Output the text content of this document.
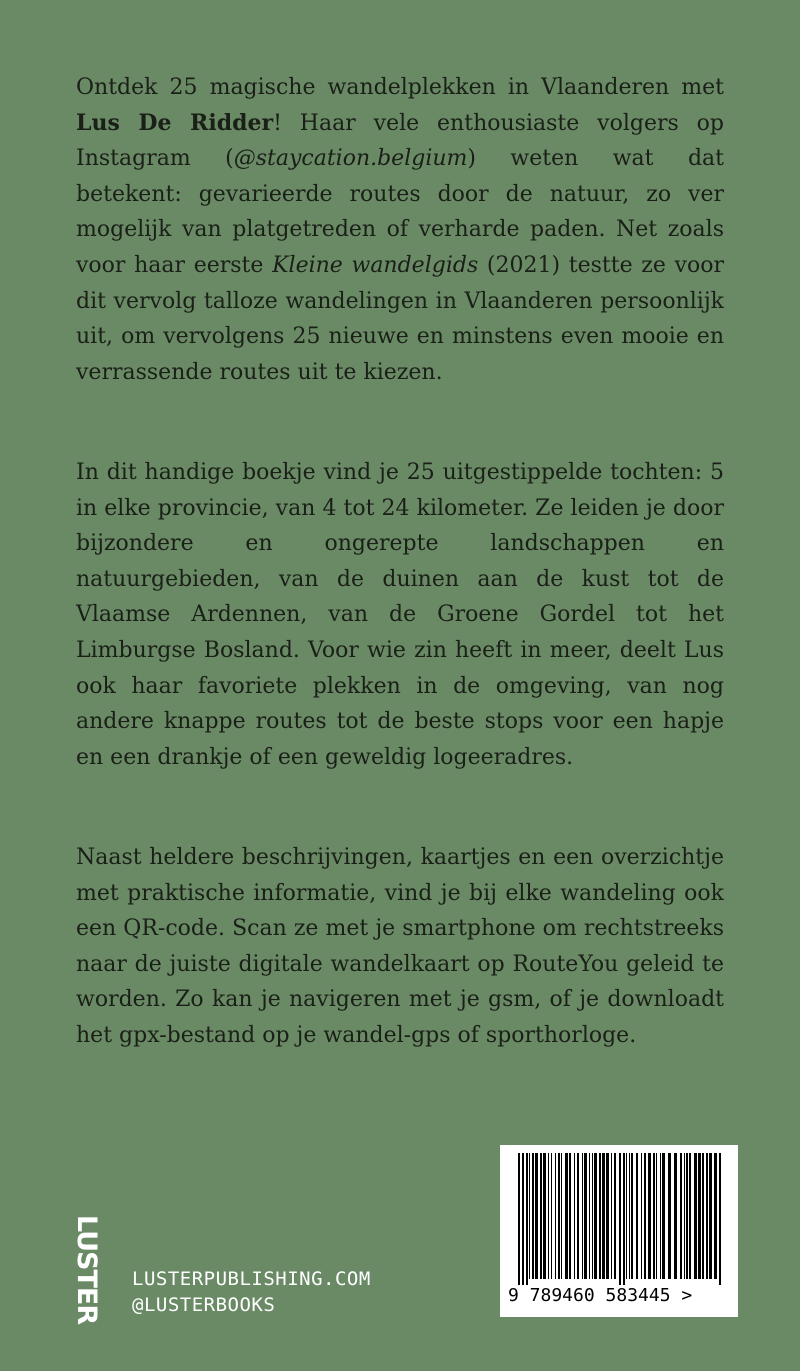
Ontdek 25 magische wandelplekken in Vlaanderen met Lus De Ridder! Haar vele enthousiaste volgers op Instagram (@staycation.belgium) weten wat dat betekent: gevarieerde routes door de natuur, zo ver mogelijk van platgetreden of verharde paden. Net zoals voor haar eerste Kleine wandelgids (2021) testte ze voor dit vervolg talloze wandelingen in Vlaanderen persoonlijk uit, om vervolgens 25 nieuwe en minstens even mooie en verrassende routes uit te kiezen.

In dit handige boekje vind je 25 uitgestippelde tochten: 5 in elke provincie, van 4 tot 24 kilometer. Ze leiden je door bijzondere en ongerepte landschappen en natuurgebieden, van de duinen aan de kust tot de Vlaamse Ardennen, van de Groene Gordel tot het Limburgse Bosland. Voor wie zin heeft in meer, deelt Lus ook haar favoriete plekken in de omgeving, van nog andere knappe routes tot de beste stops voor een hapje en een drankje of een geweldig logeeradres.

Naast heldere beschrijvingen, kaartjes en een overzichtje met praktische informatie, vind je bij elke wandeling ook een QR-code. Scan ze met je smartphone om rechtstreeks naar de juiste digitale wandelkaart op RouteYou geleid te worden. Zo kan je navigeren met je gsm, of je downloadt het gpx-bestand op je wandel-gps of sporthorloge.

LUSTER LUSTERPUBLISHING.COM
@LUSTERBOOKS	9 789460 583445 >
